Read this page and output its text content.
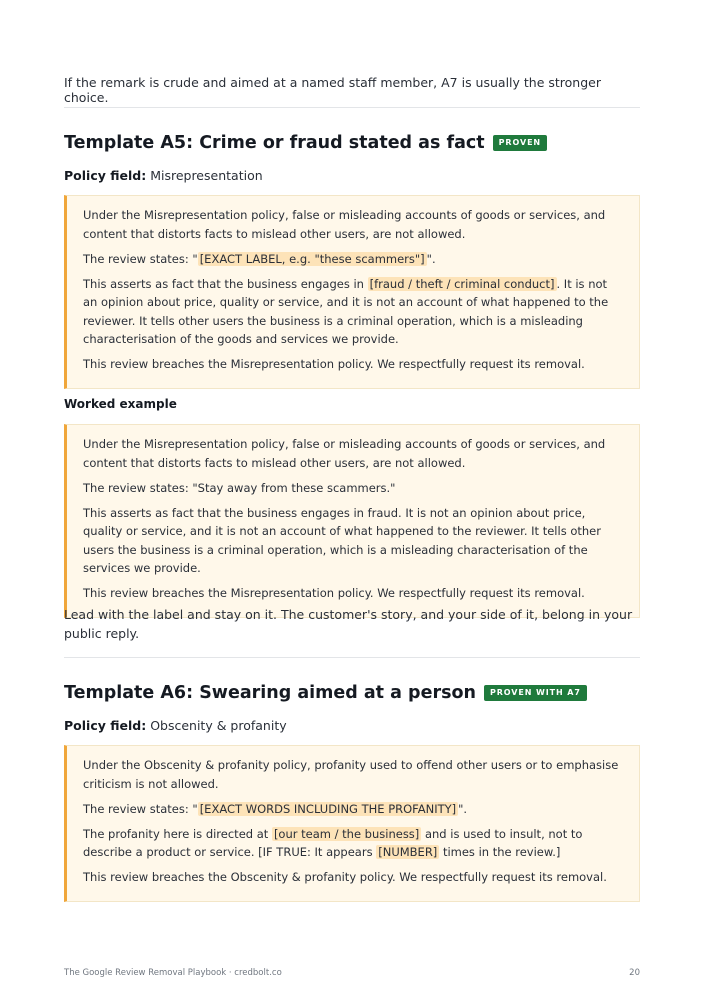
If the remark is crude and aimed at a named staff member, A7 is usually the stronger choice.
Template A5: Crime or fraud stated as fact	PROVEN
Policy field: Misrepresentation

Under the Misrepresentation policy, false or misleading accounts of goods or services, and content that distorts facts to mislead other users, are not allowed.

The review states: " [EXACT LABEL, e.g. "these scammers"] ".

This asserts as fact that the business engages in [fraud / theft / criminal conduct] . It is not an opinion about price, quality or service, and it is not an account of what happened to the reviewer. It tells other users the business is a criminal operation, which is a misleading characterisation of the goods and services we provide.

This review breaches the Misrepresentation policy. We respectfully request its removal.

Worked example

Under the Misrepresentation policy, false or misleading accounts of goods or services, and content that distorts facts to mislead other users, are not allowed.

The review states: "Stay away from these scammers."

This asserts as fact that the business engages in fraud. It is not an opinion about price, quality or service, and it is not an account of what happened to the reviewer. It tells other users the business is a criminal operation, which is a misleading characterisation of the services we provide.

This review breaches the Misrepresentation policy. We respectfully request its removal.

Lead with the label and stay on it. The customer's story, and your side of it, belong in your public reply.
Template A6: Swearing aimed at a person	PROVEN WITH A7
Policy field: Obscenity & profanity

Under the Obscenity & profanity policy, profanity used to offend other users or to emphasise criticism is not allowed.

The review states: " [EXACT WORDS INCLUDING THE PROFANITY] ".

The profanity here is directed at [our team / the business] and is used to insult, not to describe a product or service. [IF TRUE: It appears [NUMBER] times in the review.]

This review breaches the Obscenity & profanity policy. We respectfully request its removal.

The Google Review Removal Playbook · credbolt.co	20
